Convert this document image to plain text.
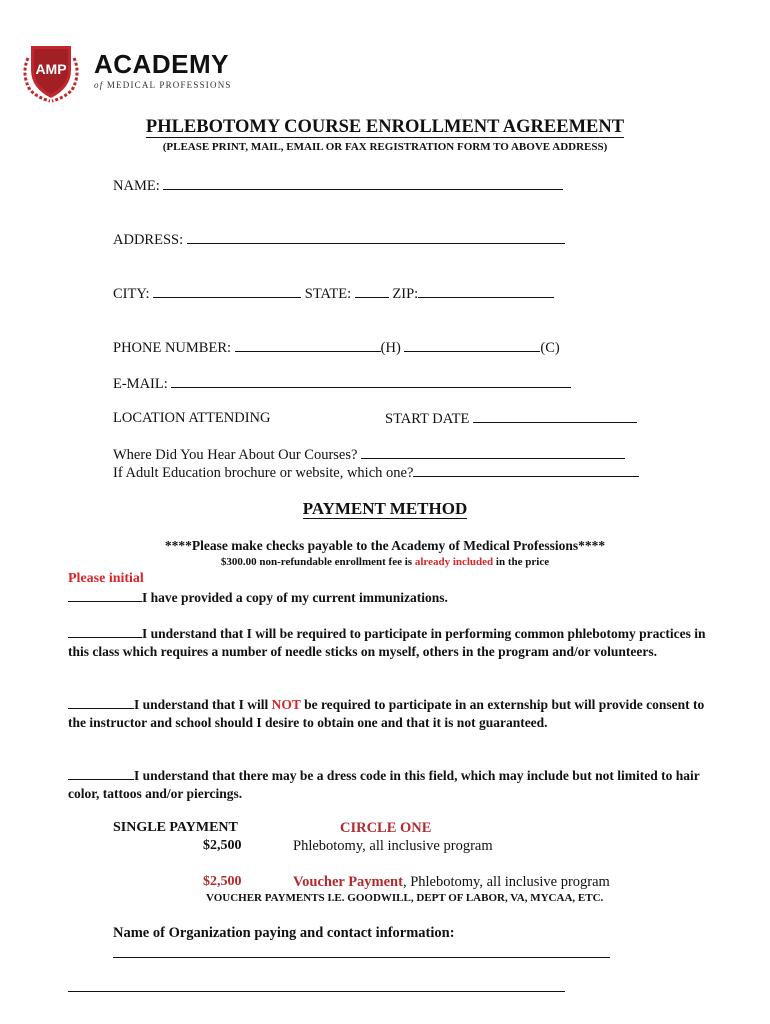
AMP ACADEMY
of MEDICAL PROFESSIONS
PHLEBOTOMY COURSE ENROLLMENT AGREEMENT
(PLEASE PRINT, MAIL, EMAIL OR FAX REGISTRATION FORM TO ABOVE ADDRESS)
NAME:
ADDRESS:
CITY:	STATE:	ZIP:
PHONE NUMBER:	(H)	(C)
E-MAIL:
LOCATION ATTENDING	START DATE
Where Did You Hear About Our Courses?
If Adult Education brochure or website, which one?
PAYMENT METHOD
****Please make checks payable to the Academy of Medical Professions****
$300.00 non-refundable enrollment fee is already included in the price
Please initial
I have provided a copy of my current immunizations.
I understand that I will be required to participate in performing common phlebotomy practices in this class which requires a number of needle sticks on myself, others in the program and/or volunteers.
I understand that I will NOT be required to participate in an externship but will provide consent to the instructor and school should I desire to obtain one and that it is not guaranteed.
I understand that there may be a dress code in this field, which may include but not limited to hair color, tattoos and/or piercings.
SINGLE PAYMENT	CIRCLE ONE
$2,500	Phlebotomy, all inclusive program
$2,500	Voucher Payment, Phlebotomy, all inclusive program
VOUCHER PAYMENTS I.E. GOODWILL, DEPT OF LABOR, VA, MYCAA, ETC.
Name of Organization paying and contact information:
